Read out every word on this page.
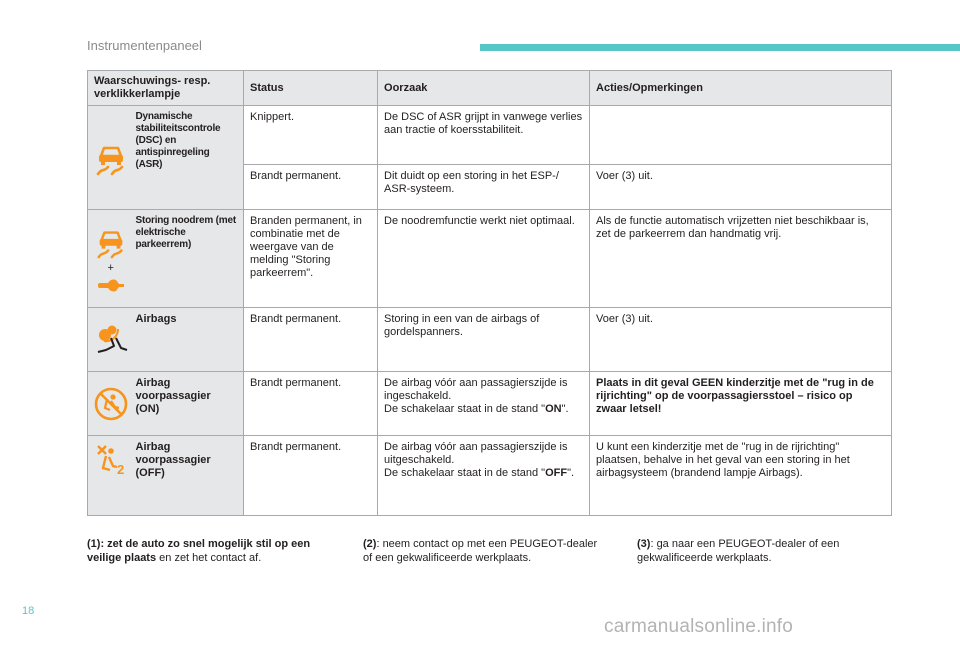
Instrumentenpaneel
Waarschuwings- resp. verklikkerlampje		Status	Oorzaak	Acties/Opmerkingen

	Dynamische stabiliteitscontrole (DSC) en antispinregeling (ASR)	Knippert.	De DSC of ASR grijpt in vanwege verlies aan tractie of koersstabiliteit.	
		Brandt permanent.	Dit duidt op een storing in het ESP-/ ASR-systeem.	Voer (3) uit.

+	Storing noodrem (met elektrische parkeerrem)	Branden permanent, in combinatie met de weergave van de melding "Storing parkeerrem".	De noodremfunctie werkt niet optimaal.	Als de functie automatisch vrijzetten niet beschikbaar is, zet de parkeerrem dan handmatig vrij.

	Airbags	Brandt permanent.	Storing in een van de airbags of gordelspanners.	Voer (3) uit.

	Airbag voorpassagier (ON)	Brandt permanent.	De airbag vóór aan passagierszijde is ingeschakeld.
De schakelaar staat in de stand "ON".	Plaats in dit geval GEEN kinderzitje met de "rug in de rijrichting" op de voorpassagiersstoel – risico op zwaar letsel!

2	Airbag voorpassagier (OFF)	Brandt permanent.	De airbag vóór aan passagierszijde is uitgeschakeld.
De schakelaar staat in de stand "OFF".	U kunt een kinderzitje met de "rug in de rijrichting" plaatsen, behalve in het geval van een storing in het airbagsysteem (brandend lampje Airbags).
(1): zet de auto zo snel mogelijk stil op een veilige plaats en zet het contact af.
(2): neem contact op met een PEUGEOT-dealer of een gekwalificeerde werkplaats.
(3): ga naar een PEUGEOT-dealer of een gekwalificeerde werkplaats.
18
carmanualsonline.info
